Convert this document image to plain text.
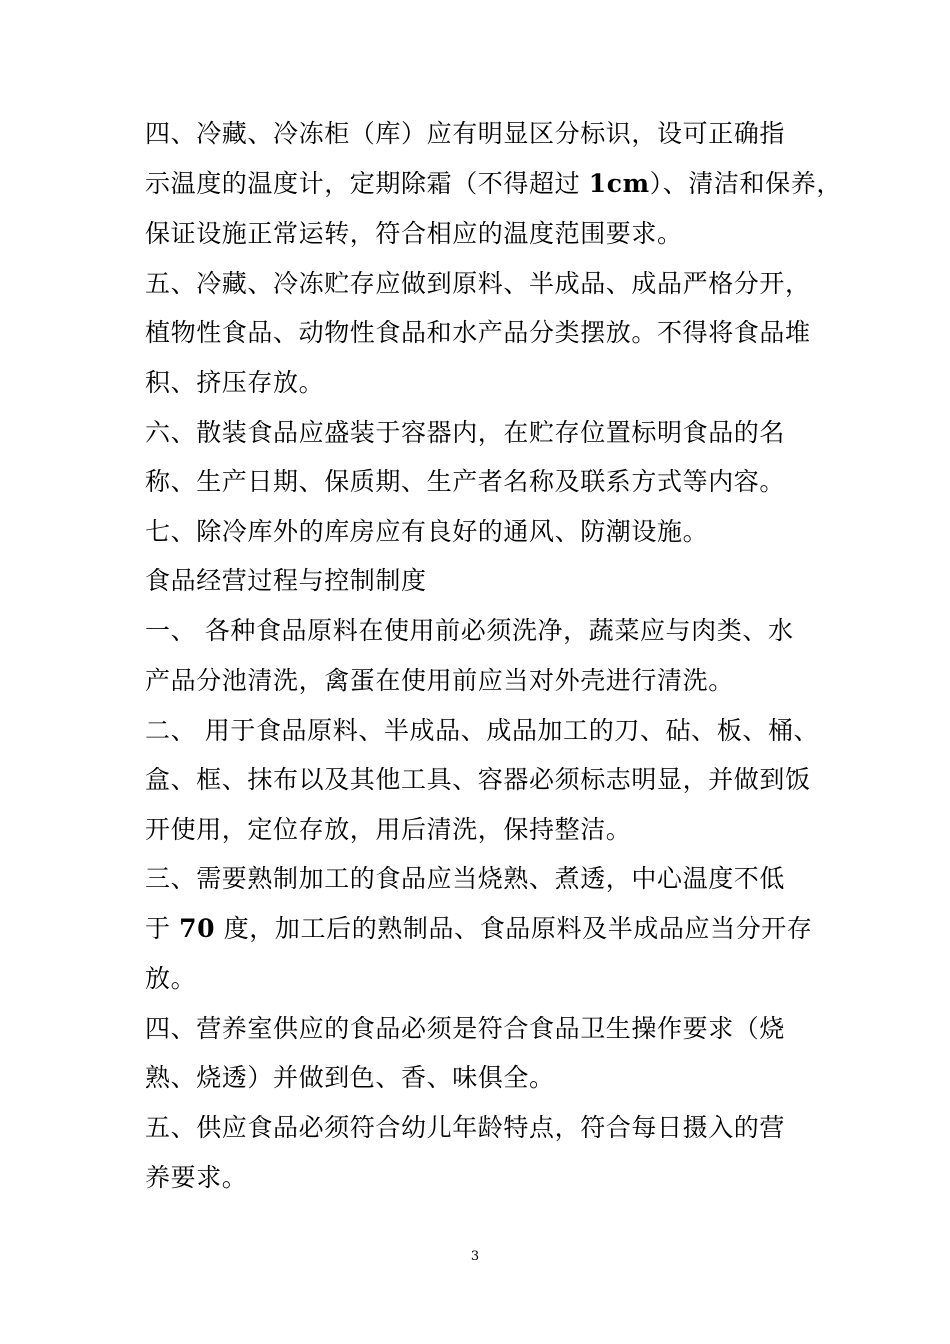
四、冷藏、冷冻柜（库）应有明显区分标识，设可正确指
示温度的温度计，定期除霜（不得超过 1cm）、清洁和保养，
保证设施正常运转，符合相应的温度范围要求。
五、冷藏、冷冻贮存应做到原料、半成品、成品严格分开，
植物性食品、动物性食品和水产品分类摆放。不得将食品堆
积、挤压存放。
六、散装食品应盛装于容器内，在贮存位置标明食品的名
称、生产日期、保质期、生产者名称及联系方式等内容。
七、除冷库外的库房应有良好的通风、防潮设施。
食品经营过程与控制制度
一、 各种食品原料在使用前必须洗净，蔬菜应与肉类、水
产品分池清洗，禽蛋在使用前应当对外壳进行清洗。
二、 用于食品原料、半成品、成品加工的刀、砧、板、桶、
盒、框、抹布以及其他工具、容器必须标志明显，并做到饭
开使用，定位存放，用后清洗，保持整洁。
三、需要熟制加工的食品应当烧熟、煮透，中心温度不低
于 70 度，加工后的熟制品、食品原料及半成品应当分开存
放。
四、营养室供应的食品必须是符合食品卫生操作要求（烧
熟、烧透）并做到色、香、味俱全。
五、供应食品必须符合幼儿年龄特点，符合每日摄入的营
养要求。
3
